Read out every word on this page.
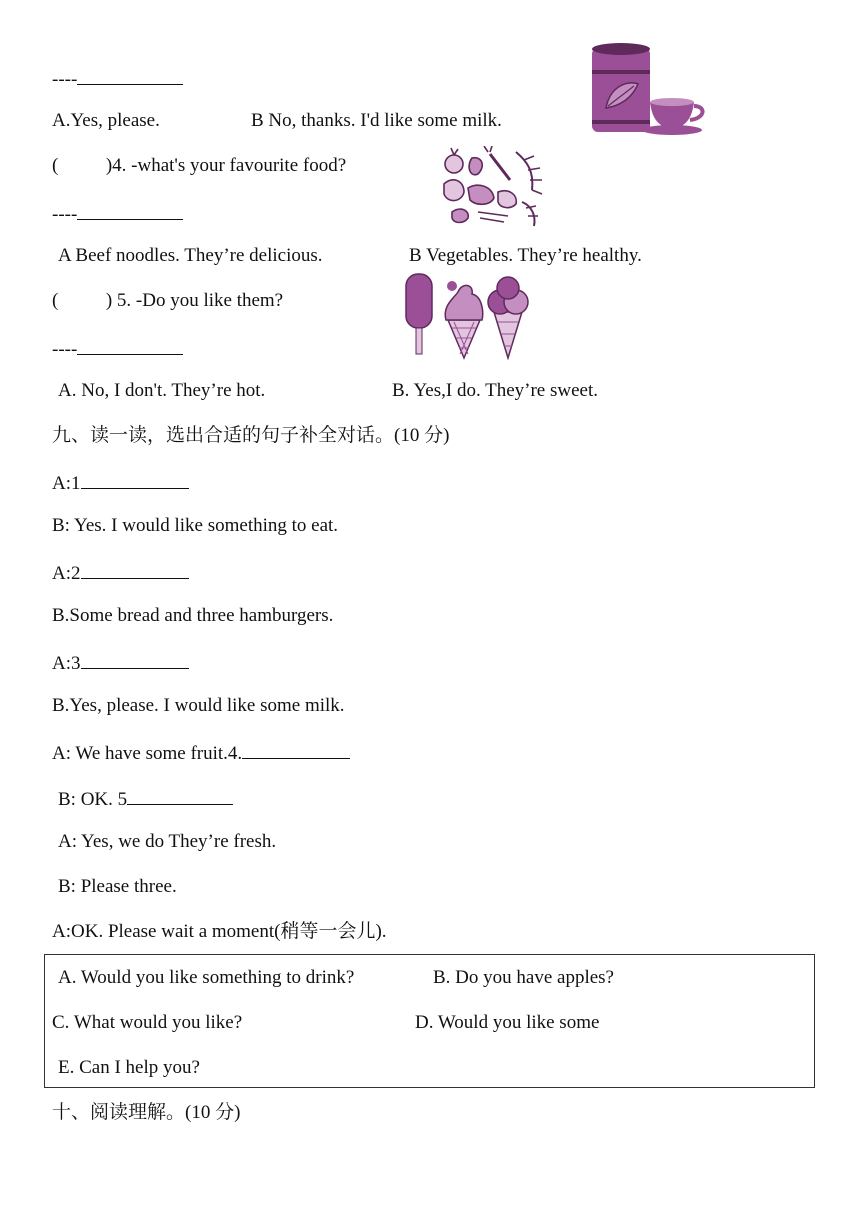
----
A.Yes, please.	B No, thanks. I'd like some milk.
(          )4. -what's your favourite food?
----
A Beef noodles. They’re delicious.	B Vegetables. They’re healthy.
(          ) 5. -Do you like them?
----
A. No, I don't. They’re hot.	B. Yes,I do. They’re sweet.
九、读一读，选出合适的句子补全对话。(10 分)
A:1
B: Yes. I would like something to eat.
A:2
B.Some bread and three hamburgers.
A:3
B.Yes, please. I would like some milk.
A: We have some fruit.4.
B: OK. 5
A: Yes, we do They’re fresh.
B: Please three.
A:OK. Please wait a moment(稍等一会儿).
A. Would you like something to drink?	B. Do you have apples?
C. What would you like?	D. Would you like some
E. Can I help you?
十、阅读理解。(10 分)
